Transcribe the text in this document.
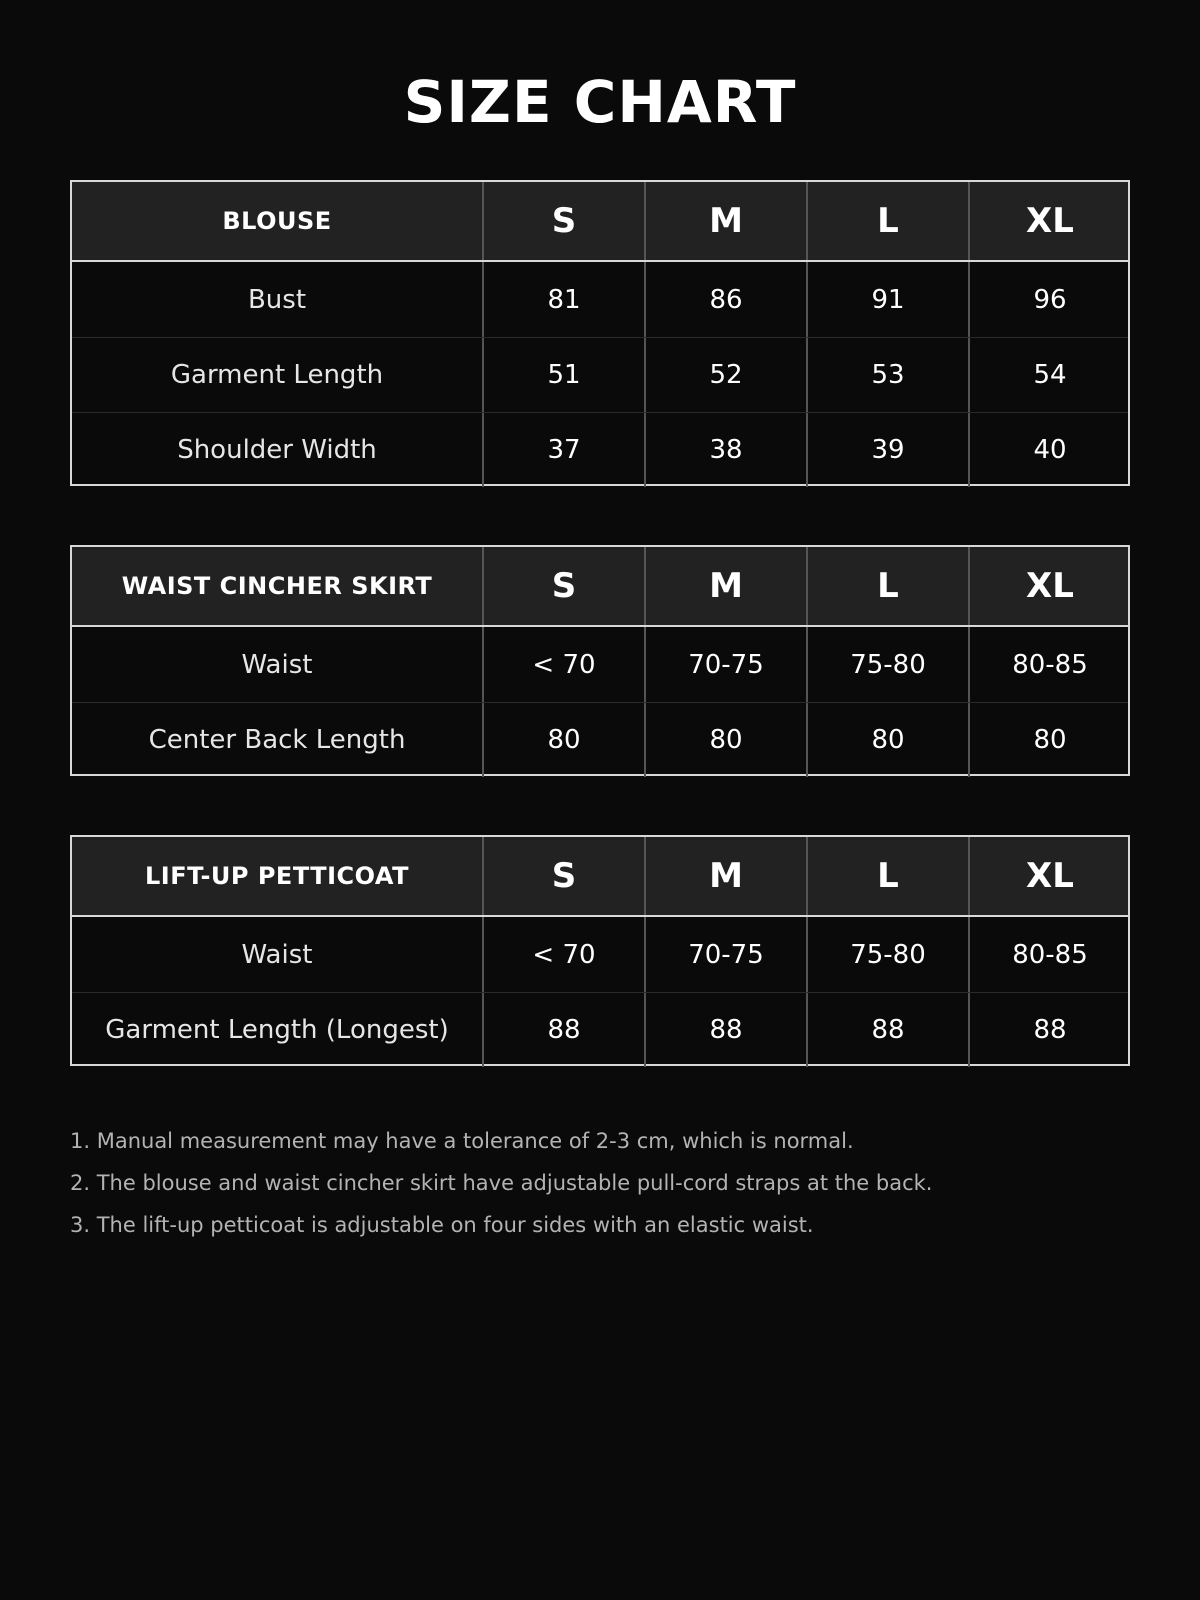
SIZE CHART
BLOUSE	S	M	L	XL
Bust	81	86	91	96
Garment Length	51	52	53	54
Shoulder Width	37	38	39	40
WAIST CINCHER SKIRT	S	M	L	XL
Waist	< 70	70-75	75-80	80-85
Center Back Length	80	80	80	80
LIFT-UP PETTICOAT	S	M	L	XL
Waist	< 70	70-75	75-80	80-85
Garment Length (Longest)	88	88	88	88
1. Manual measurement may have a tolerance of 2-3 cm, which is normal.
2. The blouse and waist cincher skirt have adjustable pull-cord straps at the back.
3. The lift-up petticoat is adjustable on four sides with an elastic waist.
